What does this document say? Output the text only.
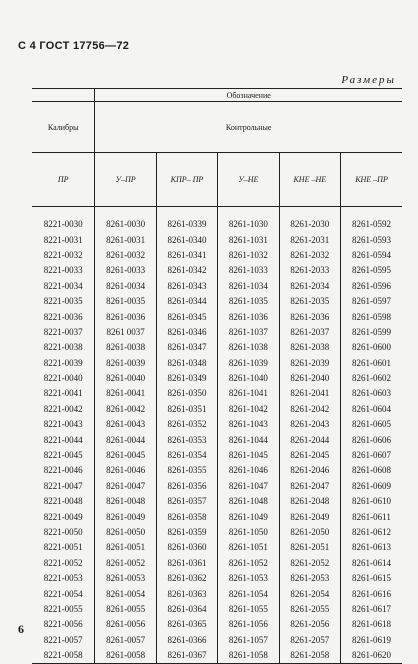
С 4 ГОСТ 17756—72
Размеры
	Обозначение				
Калибры	Контрольные				
ПР	У–ПР	КПР– ПР	У–НЕ	КНЕ –НЕ	КНЕ –ПР

8221-0030	8261-0030	8261-0339	8261-1030	8261-2030	8261-0592
8221-0031	8261-0031	8261-0340	8261-1031	8261-2031	8261-0593
8221-0032	8261-0032	8261-0341	8261-1032	8261-2032	8261-0594
8221-0033	8261-0033	8261-0342	8261-1033	8261-2033	8261-0595
8221-0034	8261-0034	8261-0343	8261-1034	8261-2034	8261-0596
8221-0035	8261-0035	8261-0344	8261-1035	8261-2035	8261-0597
8221-0036	8261-0036	8261-0345	8261-1036	8261-2036	8261-0598
8221-0037	8261 0037	8261-0346	8261-1037	8261-2037	8261-0599
8221-0038	8261-0038	8261-0347	8261-1038	8261-2038	8261-0600
8221-0039	8261-0039	8261-0348	8261-1039	8261-2039	8261-0601
8221-0040	8261-0040	8261-0349	8261-1040	8261-2040	8261-0602
8221-0041	8261-0041	8261-0350	8261-1041	8261-2041	8261-0603
8221-0042	8261-0042	8261-0351	8261-1042	8261-2042	8261-0604
8221-0043	8261-0043	8261-0352	8261-1043	8261-2043	8261-0605
8221-0044	8261-0044	8261-0353	8261-1044	8261-2044	8261-0606
8221-0045	8261-0045	8261-0354	8261-1045	8261-2045	8261-0607
8221-0046	8261-0046	8261-0355	8261-1046	8261-2046	8261-0608
8221-0047	8261-0047	8261-0356	8261-1047	8261-2047	8261-0609
8221-0048	8261-0048	8261-0357	8261-1048	8261-2048	8261-0610
8221-0049	8261-0049	8261-0358	8261-1049	8261-2049	8261-0611
8221-0050	8261-0050	8261-0359	8261-1050	8261-2050	8261-0612
8221-0051	8261-0051	8261-0360	8261-1051	8261-2051	8261-0613
8221-0052	8261-0052	8261-0361	8261-1052	8261-2052	8261-0614
8221-0053	8261-0053	8261-0362	8261-1053	8261-2053	8261-0615
8221-0054	8261-0054	8261-0363	8261-1054	8261-2054	8261-0616
8221-0055	8261-0055	8261-0364	8261-1055	8261-2055	8261-0617
8221-0056	8261-0056	8261-0365	8261-1056	8261-2056	8261-0618
8221-0057	8261-0057	8261-0366	8261-1057	8261-2057	8261-0619
8221-0058	8261-0058	8261-0367	8261-1058	8261-2058	8261-0620
6
